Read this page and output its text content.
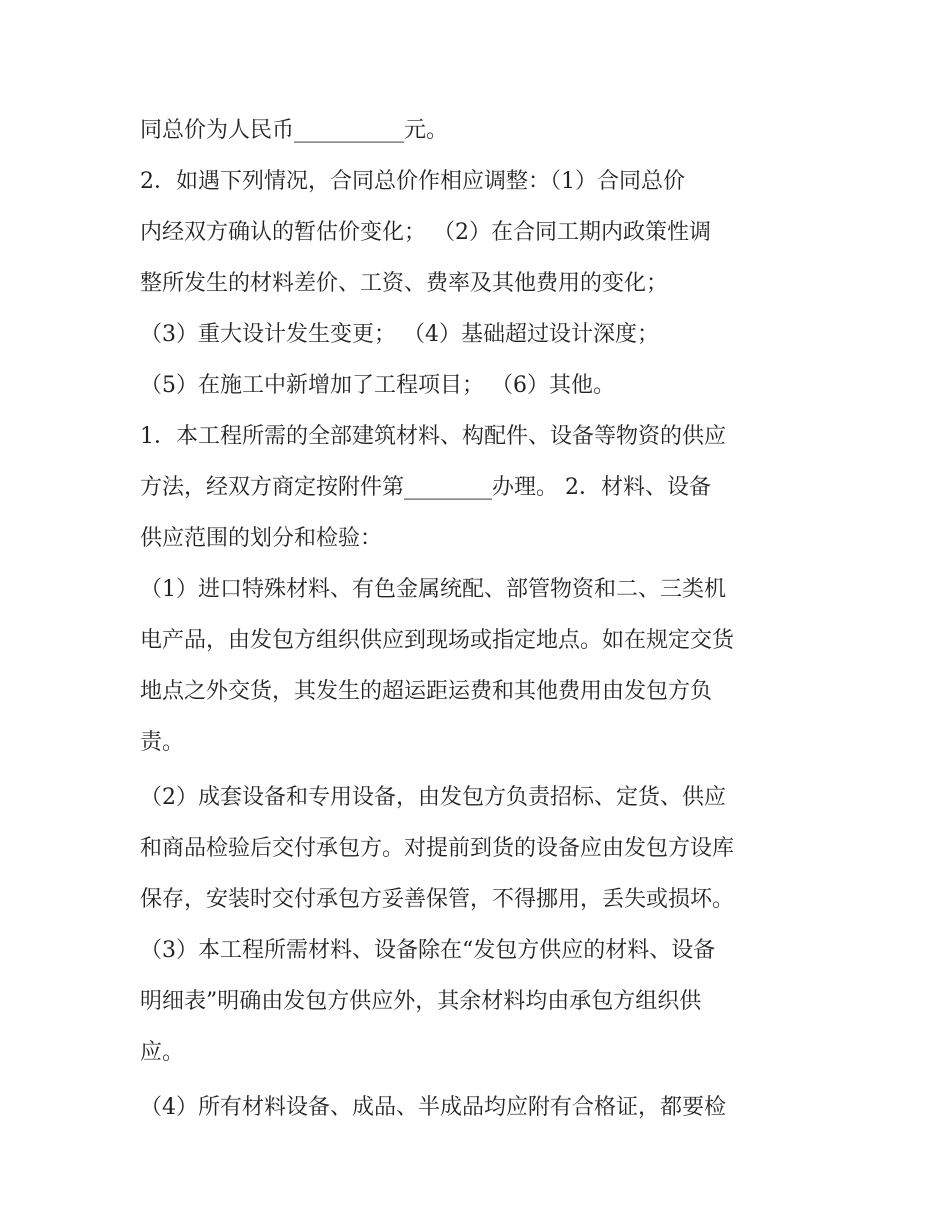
同总价为人民币__________元。
2．如遇下列情况，合同总价作相应调整：（1）合同总价
内经双方确认的暂估价变化； （2）在合同工期内政策性调
整所发生的材料差价、工资、费率及其他费用的变化；
（3）重大设计发生变更； （4）基础超过设计深度；
（5）在施工中新增加了工程项目； （6）其他。
1．本工程所需的全部建筑材料、构配件、设备等物资的供应
方法，经双方商定按附件第________办理。 2．材料、设备
供应范围的划分和检验：
（1）进口特殊材料、有色金属统配、部管物资和二、三类机
电产品，由发包方组织供应到现场或指定地点。如在规定交货
地点之外交货，其发生的超运距运费和其他费用由发包方负
责。
（2）成套设备和专用设备，由发包方负责招标、定货、供应
和商品检验后交付承包方。对提前到货的设备应由发包方设库
保存，安装时交付承包方妥善保管，不得挪用，丢失或损坏。
（3）本工程所需材料、设备除在“发包方供应的材料、设备
明细表”明确由发包方供应外，其余材料均由承包方组织供
应。
（4）所有材料设备、成品、半成品均应附有合格证，都要检
